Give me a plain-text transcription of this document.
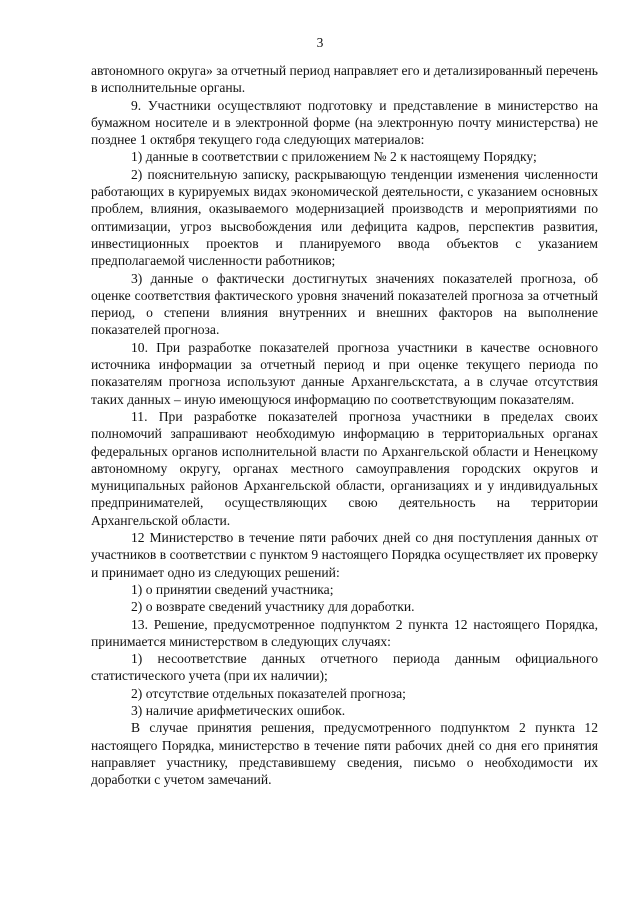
3

автономного округа» за отчетный период направляет его и детализированный перечень в исполнительные органы.

9. Участники осуществляют подготовку и представление в министерство на бумажном носителе и в электронной форме (на электронную почту министерства) не позднее 1 октября текущего года следующих материалов:

1) данные в соответствии с приложением № 2 к настоящему Порядку;

2) пояснительную записку, раскрывающую тенденции изменения численности работающих в курируемых видах экономической деятельности, с указанием основных проблем, влияния, оказываемого модернизацией производств и мероприятиями по оптимизации, угроз высвобождения или дефицита кадров, перспектив развития, инвестиционных проектов и планируемого ввода объектов с указанием предполагаемой численности работников;

3) данные о фактически достигнутых значениях показателей прогноза, об оценке соответствия фактического уровня значений показателей прогноза за отчетный период, о степени влияния внутренних и внешних факторов на выполнение показателей прогноза.

10. При разработке показателей прогноза участники в качестве основного источника информации за отчетный период и при оценке текущего периода по показателям прогноза используют данные Архангельскстата, а в случае отсутствия таких данных – иную имеющуюся информацию по соответствующим показателям.

11. При разработке показателей прогноза участники в пределах своих полномочий запрашивают необходимую информацию в территориальных органах федеральных органов исполнительной власти по Архангельской области и Ненецкому автономному округу, органах местного самоуправления городских округов и муниципальных районов Архангельской области, организациях и у индивидуальных предпринимателей, осуществляющих свою деятельность на территории Архангельской области.

12 Министерство в течение пяти рабочих дней со дня поступления данных от участников в соответствии с пунктом 9 настоящего Порядка осуществляет их проверку и принимает одно из следующих решений:

1) о принятии сведений участника;

2) о возврате сведений участнику для доработки.

13. Решение, предусмотренное подпунктом 2 пункта 12 настоящего Порядка, принимается министерством в следующих случаях:

1) несоответствие данных отчетного периода данным официального статистического учета (при их наличии);

2) отсутствие отдельных показателей прогноза;

3) наличие арифметических ошибок.

В случае принятия решения, предусмотренного подпунктом 2 пункта 12 настоящего Порядка, министерство в течение пяти рабочих дней со дня его принятия направляет участнику, представившему сведения, письмо о необходимости их доработки с учетом замечаний.
